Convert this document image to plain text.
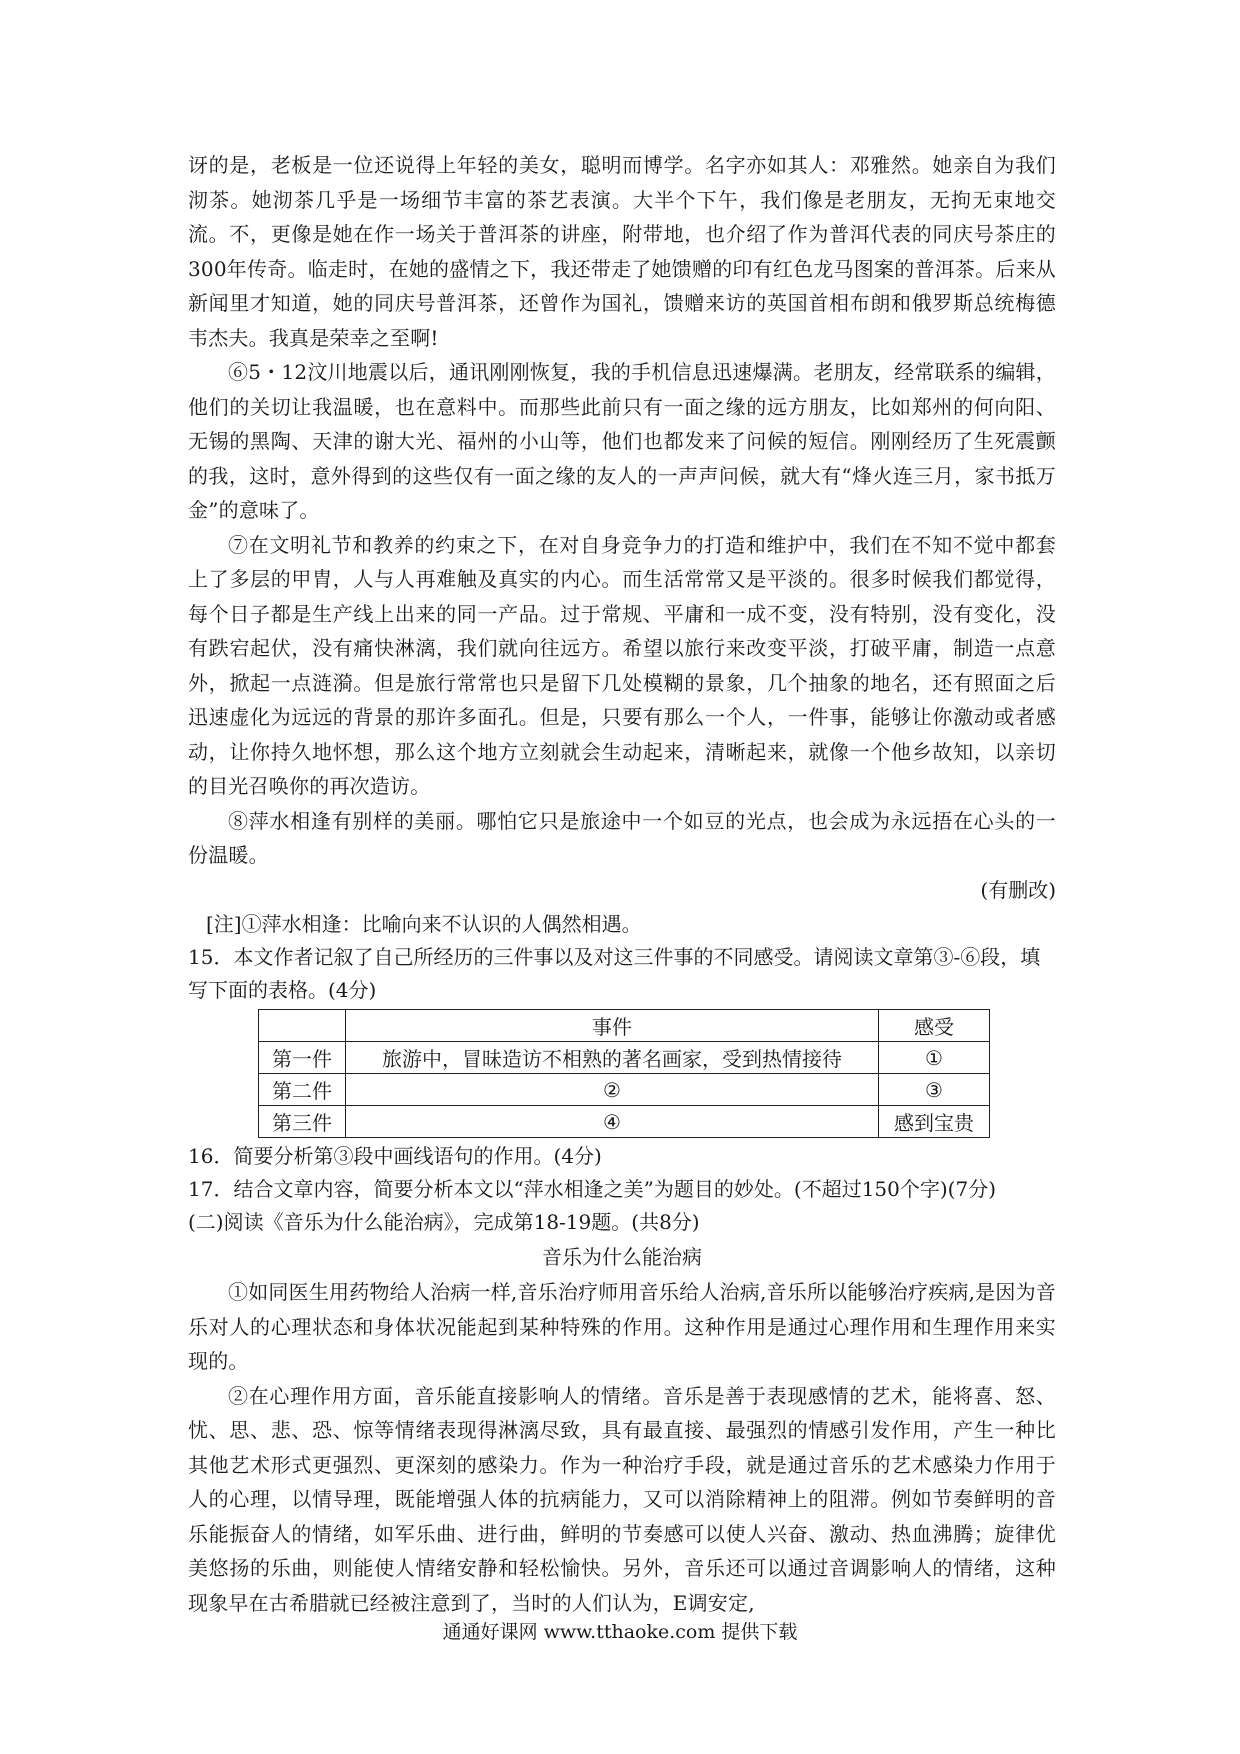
讶的是，老板是一位还说得上年轻的美女，聪明而博学。名字亦如其人：邓雅然。她亲自为我们沏茶。她沏茶几乎是一场细节丰富的茶艺表演。大半个下午，我们像是老朋友，无拘无束地交流。不，更像是她在作一场关于普洱茶的讲座，附带地，也介绍了作为普洱代表的同庆号茶庄的300年传奇。临走时，在她的盛情之下，我还带走了她馈赠的印有红色龙马图案的普洱茶。后来从新闻里才知道，她的同庆号普洱茶，还曾作为国礼，馈赠来访的英国首相布朗和俄罗斯总统梅德韦杰夫。我真是荣幸之至啊!

⑥5・12汶川地震以后，通讯刚刚恢复，我的手机信息迅速爆满。老朋友，经常联系的编辑，他们的关切让我温暖，也在意料中。而那些此前只有一面之缘的远方朋友，比如郑州的何向阳、无锡的黑陶、天津的谢大光、福州的小山等，他们也都发来了问候的短信。刚刚经历了生死震颤的我，这时，意外得到的这些仅有一面之缘的友人的一声声问候，就大有“烽火连三月，家书抵万金”的意味了。

⑦在文明礼节和教养的约束之下，在对自身竞争力的打造和维护中，我们在不知不觉中都套上了多层的甲胄，人与人再难触及真实的内心。而生活常常又是平淡的。很多时候我们都觉得，每个日子都是生产线上出来的同一产品。过于常规、平庸和一成不变，没有特别，没有变化，没有跌宕起伏，没有痛快淋漓，我们就向往远方。希望以旅行来改变平淡，打破平庸，制造一点意外，掀起一点涟漪。但是旅行常常也只是留下几处模糊的景象，几个抽象的地名，还有照面之后迅速虚化为远远的背景的那许多面孔。但是，只要有那么一个人，一件事，能够让你激动或者感动，让你持久地怀想，那么这个地方立刻就会生动起来，清晰起来，就像一个他乡故知，以亲切的目光召唤你的再次造访。

⑧萍水相逢有别样的美丽。哪怕它只是旅途中一个如豆的光点，也会成为永远捂在心头的一份温暖。

(有删改)

[注]①萍水相逢：比喻向来不认识的人偶然相遇。

15．本文作者记叙了自己所经历的三件事以及对这三件事的不同感受。请阅读文章第③-⑥段，填写下面的表格。(4分)

	事件	感受
第一件	旅游中，冒昧造访不相熟的著名画家，受到热情接待	①
第二件	②	③
第三件	④	感到宝贵

16．简要分析第③段中画线语句的作用。(4分)

17．结合文章内容，简要分析本文以“萍水相逢之美”为题目的妙处。(不超过150个字)(7分)

(二)阅读《音乐为什么能治病》，完成第18-19题。(共8分)

音乐为什么能治病

①如同医生用药物给人治病一样,音乐治疗师用音乐给人治病,音乐所以能够治疗疾病,是因为音乐对人的心理状态和身体状况能起到某种特殊的作用。这种作用是通过心理作用和生理作用来实现的。

②在心理作用方面，音乐能直接影响人的情绪。音乐是善于表现感情的艺术，能将喜、怒、忧、思、悲、恐、惊等情绪表现得淋漓尽致，具有最直接、最强烈的情感引发作用，产生一种比其他艺术形式更强烈、更深刻的感染力。作为一种治疗手段，就是通过音乐的艺术感染力作用于人的心理，以情导理，既能增强人体的抗病能力，又可以消除精神上的阻滞。例如节奏鲜明的音乐能振奋人的情绪，如军乐曲、进行曲，鲜明的节奏感可以使人兴奋、激动、热血沸腾；旋律优美悠扬的乐曲，则能使人情绪安静和轻松愉快。另外，音乐还可以通过音调影响人的情绪，这种现象早在古希腊就已经被注意到了，当时的人们认为，E调安定,

通通好课网 www.tthaoke.com 提供下载
